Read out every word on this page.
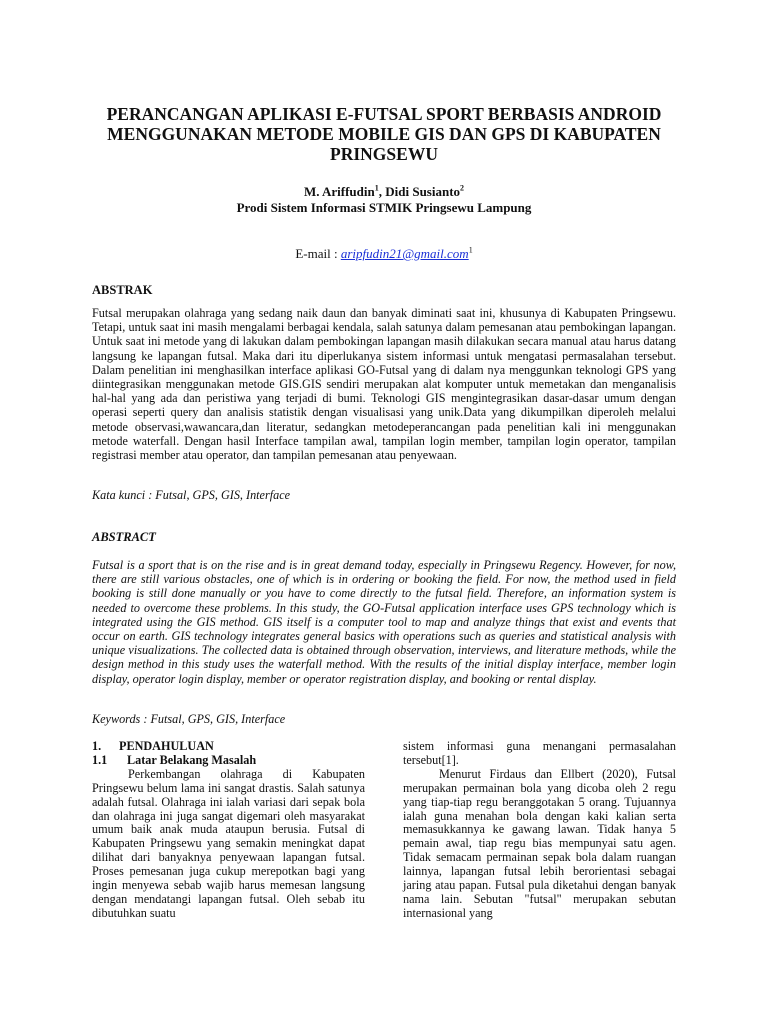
PERANCANGAN APLIKASI E-FUTSAL SPORT BERBASIS ANDROID
MENGGUNAKAN METODE MOBILE GIS DAN GPS DI KABUPATEN
PRINGSEWU
M. Ariffudin$^1$, Didi Susianto$^2$
Prodi Sistem Informasi STMIK Pringsewu Lampung
E-mail : aripfudin21@gmail.com$^1$
ABSTRAK

Futsal merupakan olahraga yang sedang naik daun dan banyak diminati saat ini, khusunya di Kabupaten Pringsewu. Tetapi, untuk saat ini masih mengalami berbagai kendala, salah satunya dalam pemesanan atau pembokingan lapangan. Untuk saat ini metode yang di lakukan dalam pembokingan lapangan masih dilakukan secara manual atau harus datang langsung ke lapangan futsal. Maka dari itu diperlukanya sistem informasi untuk mengatasi permasalahan tersebut. Dalam penelitian ini menghasilkan interface aplikasi GO-Futsal yang di dalam nya menggunkan teknologi GPS yang diintegrasikan menggunakan metode GIS.GIS sendiri merupakan alat komputer untuk memetakan dan menganalisis hal-hal yang ada dan peristiwa yang terjadi di bumi. Teknologi GIS mengintegrasikan dasar-dasar umum dengan operasi seperti query dan analisis statistik dengan visualisasi yang unik.Data yang dikumpilkan diperoleh melalui metode observasi,wawancara,dan literatur, sedangkan metodeperancangan pada penelitian kali ini menggunakan metode waterfall. Dengan hasil Interface tampilan awal, tampilan login member, tampilan login operator, tampilan registrasi member atau operator, dan tampilan pemesanan atau penyewaan.

Kata kunci : Futsal, GPS, GIS, Interface
ABSTRACT

Futsal is a sport that is on the rise and is in great demand today, especially in Pringsewu Regency. However, for now, there are still various obstacles, one of which is in ordering or booking the field. For now, the method used in field booking is still done manually or you have to come directly to the futsal field. Therefore, an information system is needed to overcome these problems. In this study, the GO-Futsal application interface uses GPS technology which is integrated using the GIS method. GIS itself is a computer tool to map and analyze things that exist and events that occur on earth. GIS technology integrates general basics with operations such as queries and statistical analysis with unique visualizations. The collected data is obtained through observation, interviews, and literature methods, while the design method in this study uses the waterfall method. With the results of the initial display interface, member login display, operator login display, member or operator registration display, and booking or rental display.

Keywords : Futsal, GPS, GIS, Interface
1. PENDAHULUAN
1.1 Latar Belakang Masalah

Perkembangan olahraga di Kabupaten Pringsewu belum lama ini sangat drastis. Salah satunya adalah futsal. Olahraga ini ialah variasi dari sepak bola dan olahraga ini juga sangat digemari oleh masyarakat umum baik anak muda ataupun berusia. Futsal di Kabupaten Pringsewu yang semakin meningkat dapat dilihat dari banyaknya penyewaan lapangan futsal. Proses pemesanan juga cukup merepotkan bagi yang ingin menyewa sebab wajib harus memesan langsung dengan mendatangi lapangan futsal. Oleh sebab itu dibutuhkan suatu

sistem informasi guna menangani permasalahan tersebut[1].

Menurut Firdaus dan Ellbert (2020), Futsal merupakan permainan bola yang dicoba oleh 2 regu yang tiap-tiap regu beranggotakan 5 orang. Tujuannya ialah guna menahan bola dengan kaki kalian serta memasukkannya ke gawang lawan. Tidak hanya 5 pemain awal, tiap regu bias mempunyai satu agen. Tidak semacam permainan sepak bola dalam ruangan lainnya, lapangan futsal lebih berorientasi sebagai jaring atau papan. Futsal pula diketahui dengan banyak nama lain. Sebutan "futsal" merupakan sebutan internasional yang
